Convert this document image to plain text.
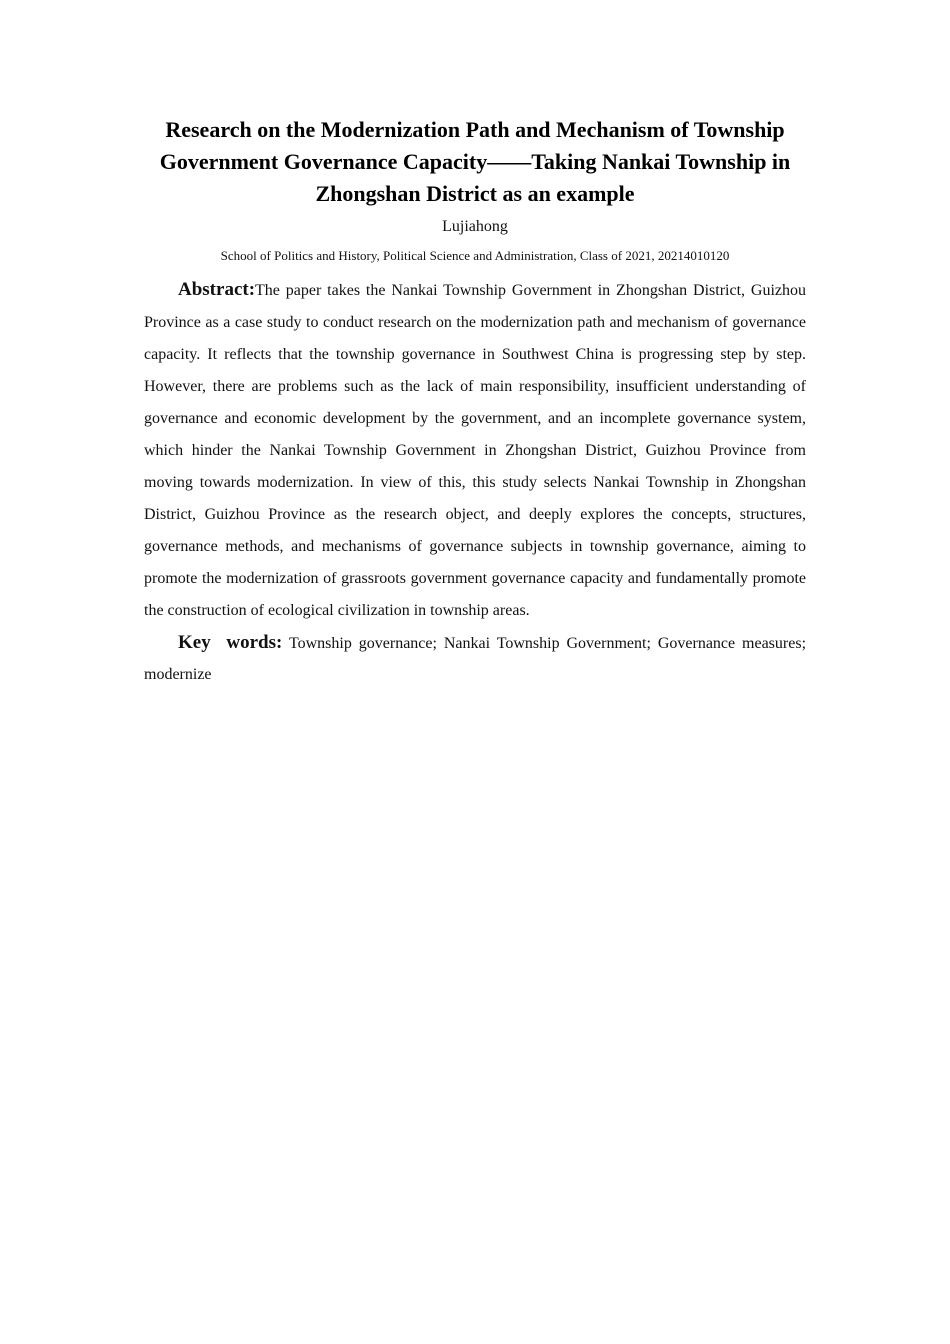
Research on the Modernization Path and Mechanism of Township
Government Governance Capacity——Taking Nankai Township in
Zhongshan District as an example

Lujiahong

School of Politics and History, Political Science and Administration, Class of 2021, 20214010120

Abstract:The paper takes the Nankai Township Government in Zhongshan District, Guizhou Province as a case study to conduct research on the modernization path and mechanism of governance capacity. It reflects that the township governance in Southwest China is progressing step by step. However, there are problems such as the lack of main responsibility, insufficient understanding of governance and economic development by the government, and an incomplete governance system, which hinder the Nankai Township Government in Zhongshan District, Guizhou Province from moving towards modernization. In view of this, this study selects Nankai Township in Zhongshan District, Guizhou Province as the research object, and deeply explores the concepts, structures, governance methods, and mechanisms of governance subjects in township governance, aiming to promote the modernization of grassroots government governance capacity and fundamentally promote the construction of ecological civilization in township areas.

Key words: Township governance; Nankai Township Government; Governance measures; modernize
